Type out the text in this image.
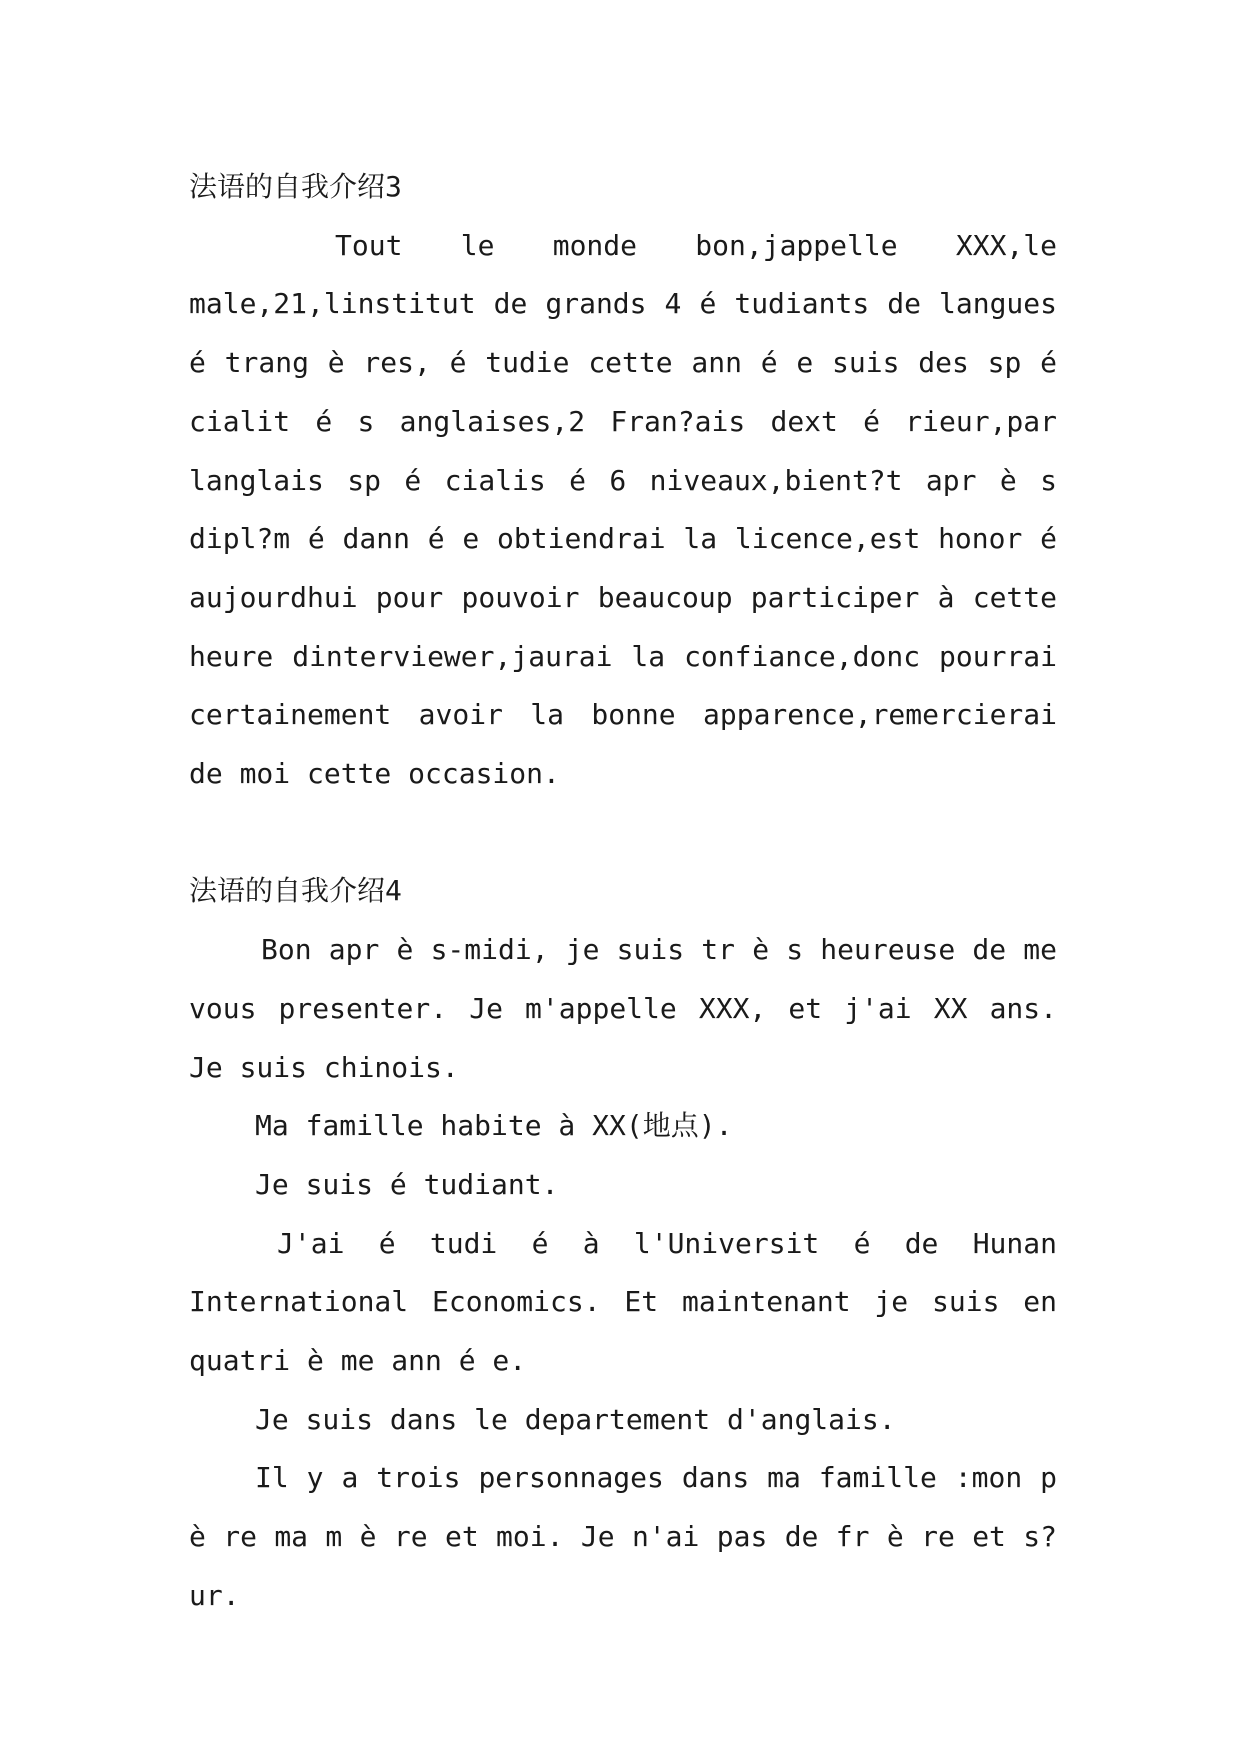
法语的自我介绍3

Tout le monde bon,jappelle XXX,le male,21,linstitut de grands 4 é tudiants de langues é trang è res, é tudie cette ann é e suis des sp é cialit é s anglaises,2 Fran?ais dext é rieur,par langlais sp é cialis é 6 niveaux,bient?t apr è s dipl?m é dann é e obtiendrai la licence,est honor é aujourdhui pour pouvoir beaucoup participer à cette heure dinterviewer,jaurai la confiance,donc pourrai certainement avoir la bonne apparence,remercierai de moi cette occasion.

法语的自我介绍4

Bon apr è s-midi, je suis tr è s heureuse de me vous presenter. Je m'appelle XXX, et j'ai XX ans. Je suis chinois.

Ma famille habite à XX(地点).

Je suis é tudiant.

J'ai é tudi é à l'Universit é de Hunan International Economics. Et maintenant je suis en quatri è me ann é e.

Je suis dans le departement d'anglais.

Il y a trois personnages dans ma famille :mon p è re ma m è re et moi. Je n'ai pas de fr è re et s?ur.
